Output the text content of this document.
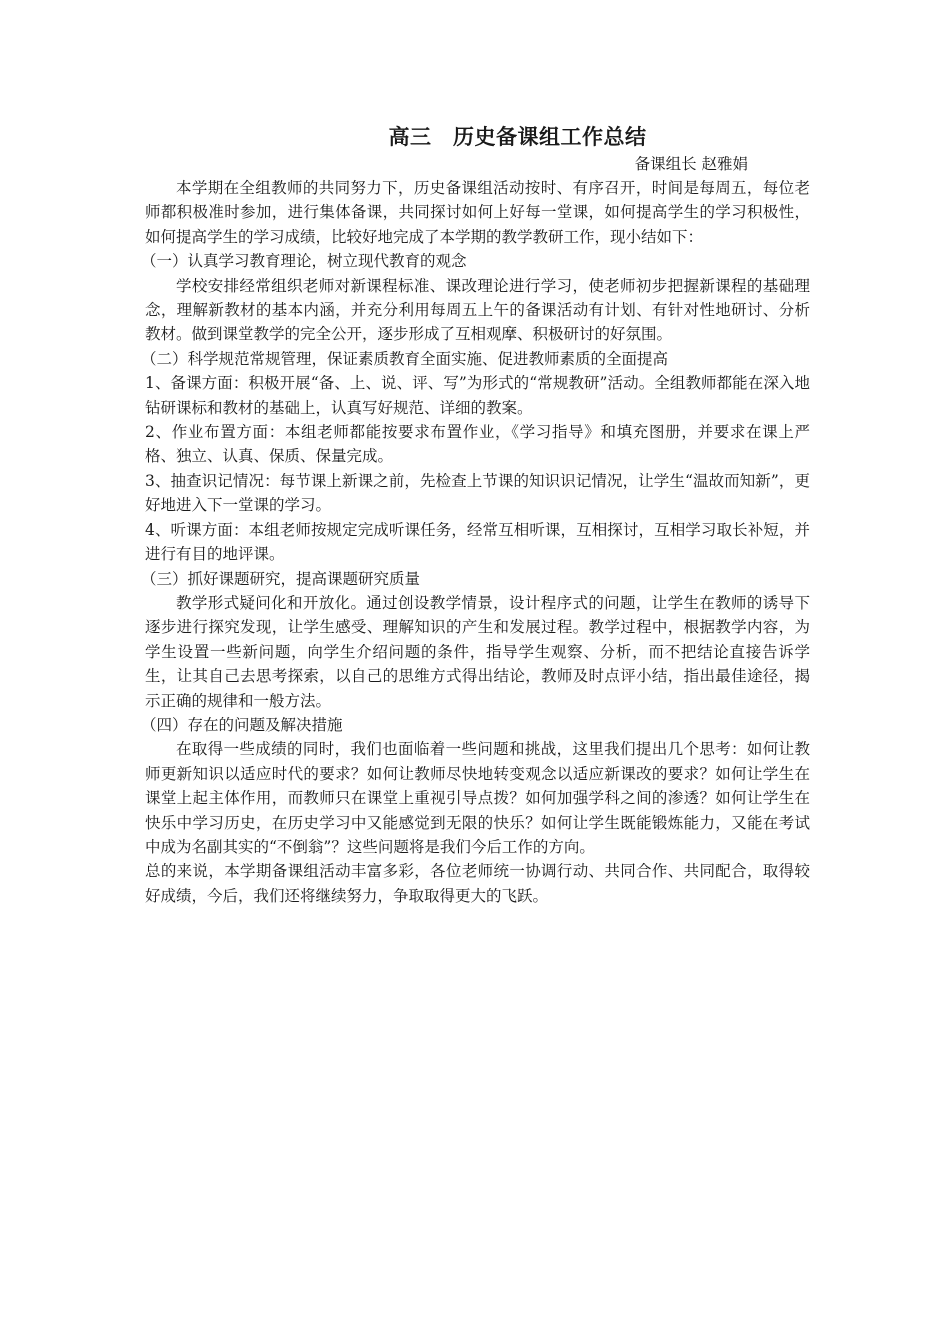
高三　历史备课组工作总结

备课组长 赵雅娟

本学期在全组教师的共同努力下，历史备课组活动按时、有序召开，时间是每周五，每位老师都积极准时参加，进行集体备课，共同探讨如何上好每一堂课，如何提高学生的学习积极性，如何提高学生的学习成绩，比较好地完成了本学期的教学教研工作，现小结如下：

（一）认真学习教育理论，树立现代教育的观念

学校安排经常组织老师对新课程标准、课改理论进行学习，使老师初步把握新课程的基础理念，理解新教材的基本内涵，并充分利用每周五上午的备课活动有计划、有针对性地研讨、分析教材。做到课堂教学的完全公开，逐步形成了互相观摩、积极研讨的好氛围。

（二）科学规范常规管理，保证素质教育全面实施、促进教师素质的全面提高

1、备课方面：积极开展“备、上、说、评、写”为形式的“常规教研”活动。全组教师都能在深入地钻研课标和教材的基础上，认真写好规范、详细的教案。

2、作业布置方面：本组老师都能按要求布置作业，《学习指导》和填充图册，并要求在课上严格、独立、认真、保质、保量完成。

3、抽查识记情况：每节课上新课之前，先检查上节课的知识识记情况，让学生“温故而知新”，更好地进入下一堂课的学习。

4、听课方面：本组老师按规定完成听课任务，经常互相听课，互相探讨，互相学习取长补短，并进行有目的地评课。

（三）抓好课题研究，提高课题研究质量

教学形式疑问化和开放化。通过创设教学情景，设计程序式的问题，让学生在教师的诱导下逐步进行探究发现，让学生感受、理解知识的产生和发展过程。教学过程中，根据教学内容，为学生设置一些新问题，向学生介绍问题的条件，指导学生观察、分析，而不把结论直接告诉学生，让其自己去思考探索，以自己的思维方式得出结论，教师及时点评小结，指出最佳途径，揭示正确的规律和一般方法。

（四）存在的问题及解决措施

在取得一些成绩的同时，我们也面临着一些问题和挑战，这里我们提出几个思考：如何让教师更新知识以适应时代的要求？如何让教师尽快地转变观念以适应新课改的要求？如何让学生在课堂上起主体作用，而教师只在课堂上重视引导点拨？如何加强学科之间的渗透？如何让学生在快乐中学习历史，在历史学习中又能感觉到无限的快乐？如何让学生既能锻炼能力，又能在考试中成为名副其实的“不倒翁”？这些问题将是我们今后工作的方向。

总的来说，本学期备课组活动丰富多彩，各位老师统一协调行动、共同合作、共同配合，取得较好成绩，今后，我们还将继续努力，争取取得更大的飞跃。
